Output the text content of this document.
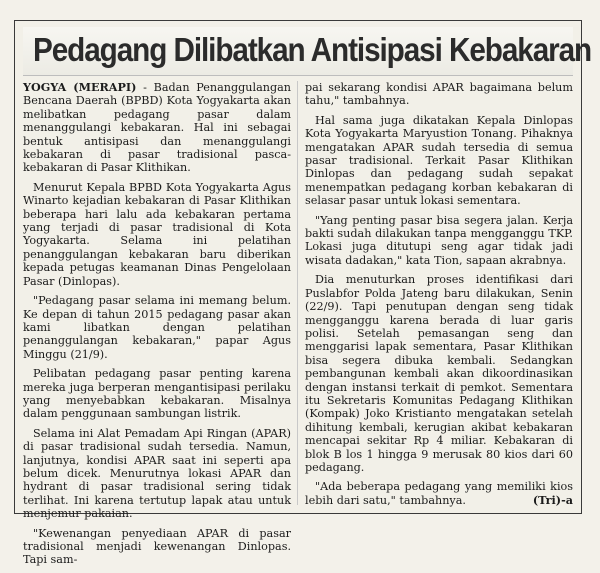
Pedagang Dilibatkan Antisipasi Kebakaran

YOGYA (MERAPI) - Badan Penanggulangan Bencana Daerah (BPBD) Kota Yogyakarta akan melibatkan pedagang pasar dalam menanggulangi kebakaran. Hal ini sebagai bentuk antisipasi dan menanggulangi kebakaran di pasar tradisional pasca-kebakaran di Pasar Klithikan.

Menurut Kepala BPBD Kota Yogyakarta Agus Winarto kejadian kebakaran di Pasar Klithikan beberapa hari lalu ada kebakaran pertama yang terjadi di pasar tradisional di Kota Yogyakarta. Selama ini pelatihan penanggulangan kebakaran baru diberikan kepada petugas keamanan Dinas Pengelolaan Pasar (Dinlopas).

"Pedagang pasar selama ini memang belum. Ke depan di tahun 2015 pedagang pasar akan kami libatkan dengan pelatihan penanggulangan kebakaran," papar Agus Minggu (21/9).

Pelibatan pedagang pasar penting karena mereka juga berperan mengantisipasi perilaku yang menyebabkan kebakaran. Misalnya dalam penggunaan sambungan listrik.

Selama ini Alat Pemadam Api Ringan (APAR) di pasar tradisional sudah tersedia. Namun, lanjutnya, kondisi APAR saat ini seperti apa belum dicek. Menurutnya lokasi APAR dan hydrant di pasar tradisional sering tidak terlihat. Ini karena tertutup lapak atau untuk menjemur pakaian.

"Kewenangan penyediaan APAR di pasar tradisional menjadi kewenangan Dinlopas. Tapi sam-

pai sekarang kondisi APAR bagaimana belum tahu," tambahnya.

Hal sama juga dikatakan Kepala Dinlopas Kota Yogyakarta Maryustion Tonang. Pihaknya mengatakan APAR sudah tersedia di semua pasar tradisional. Terkait Pasar Klithikan Dinlopas dan pedagang sudah sepakat menempatkan pedagang korban kebakaran di selasar pasar untuk lokasi sementara.

"Yang penting pasar bisa segera jalan. Kerja bakti sudah dilakukan tanpa mengganggu TKP. Lokasi juga ditutupi seng agar tidak jadi wisata dadakan," kata Tion, sapaan akrabnya.

Dia menuturkan proses identifikasi dari Puslabfor Polda Jateng baru dilakukan, Senin (22/9). Tapi penutupan dengan seng tidak mengganggu karena berada di luar garis polisi. Setelah pemasangan seng dan menggarisi lapak sementara, Pasar Klithikan bisa segera dibuka kembali. Sedangkan pembangunan kembali akan dikoordinasikan dengan instansi terkait di pemkot. Sementara itu Sekretaris Komunitas Pedagang Klithikan (Kompak) Joko Kristianto mengatakan setelah dihitung kembali, kerugian akibat kebakaran mencapai sekitar Rp 4 miliar. Kebakaran di blok B los 1 hingga 9 merusak 80 kios dari 60 pedagang.

"Ada beberapa pedagang yang memiliki kios lebih dari satu," tambahnya.	(Tri)-a
